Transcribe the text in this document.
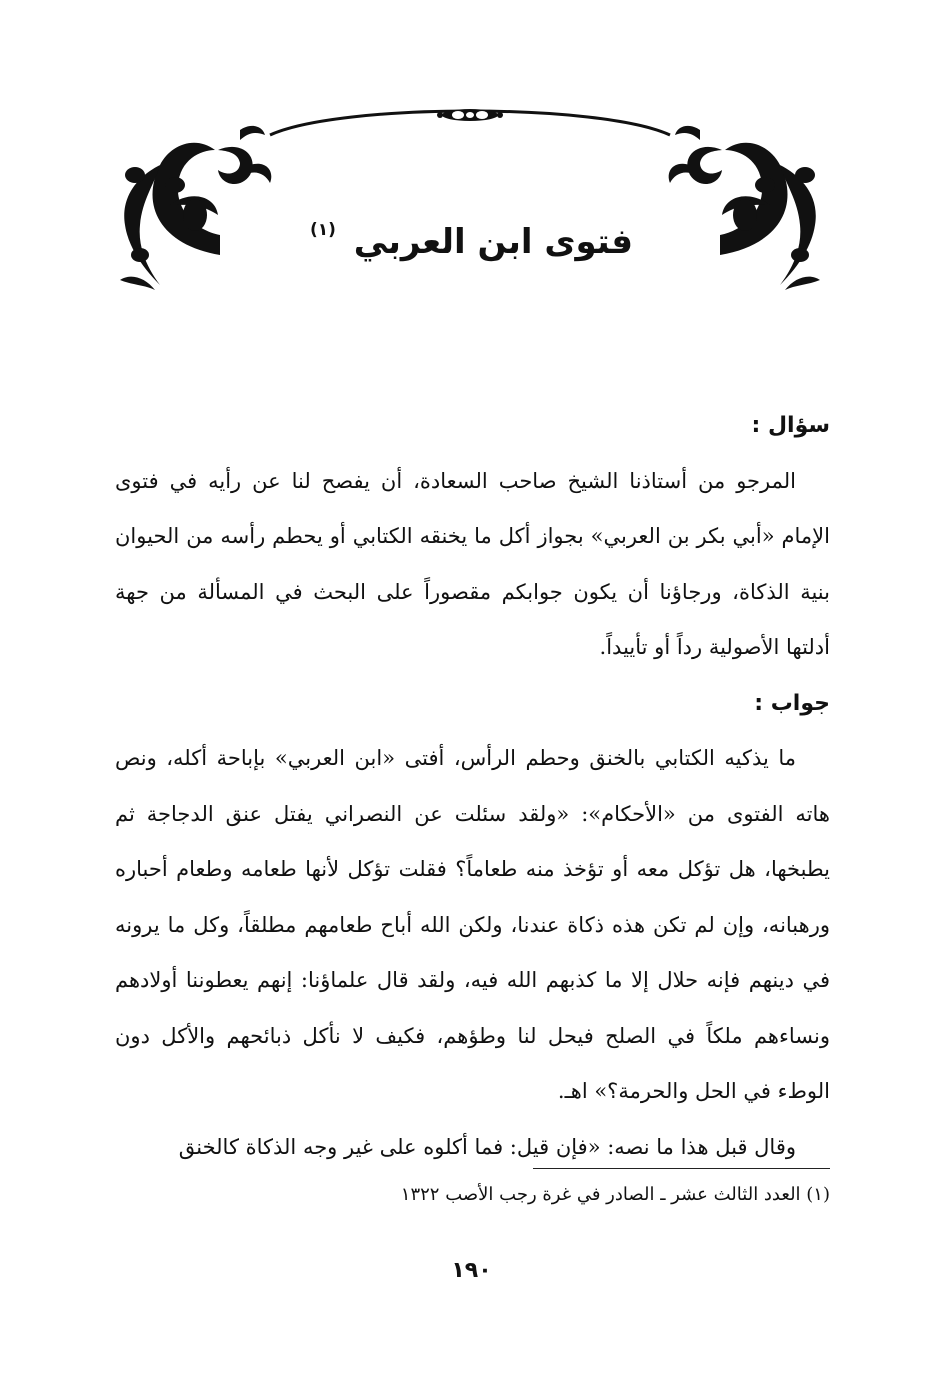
فتوى ابن العربي $^{(١)}$

سؤال :

المرجو من أستاذنا الشيخ صاحب السعادة، أن يفصح لنا عن رأيه في فتوى الإمام «أبي بكر بن العربي» بجواز أكل ما يخنقه الكتابي أو يحطم رأسه من الحيوان بنية الذكاة، ورجاؤنا أن يكون جوابكم مقصوراً على البحث في المسألة من جهة أدلتها الأصولية رداً أو تأييداً.

جواب :

ما يذكيه الكتابي بالخنق وحطم الرأس، أفتى «ابن العربي» بإباحة أكله، ونص هاته الفتوى من «الأحكام»: «ولقد سئلت عن النصراني يفتل عنق الدجاجة ثم يطبخها، هل تؤكل معه أو تؤخذ منه طعاماً؟ فقلت تؤكل لأنها طعامه وطعام أحباره ورهبانه، وإن لم تكن هذه ذكاة عندنا، ولكن الله أباح طعامهم مطلقاً، وكل ما يرونه في دينهم فإنه حلال إلا ما كذبهم الله فيه، ولقد قال علماؤنا: إنهم يعطوننا أولادهم ونساءهم ملكاً في الصلح فيحل لنا وطؤهم، فكيف لا نأكل ذبائحهم والأكل دون الوطء في الحل والحرمة؟» اهـ.

وقال قبل هذا ما نصه: «فإن قيل: فما أكلوه على غير وجه الذكاة كالخنق

(١) العدد الثالث عشر ـ الصادر في غرة رجب الأصب ١٣٢٢
١٩٠
